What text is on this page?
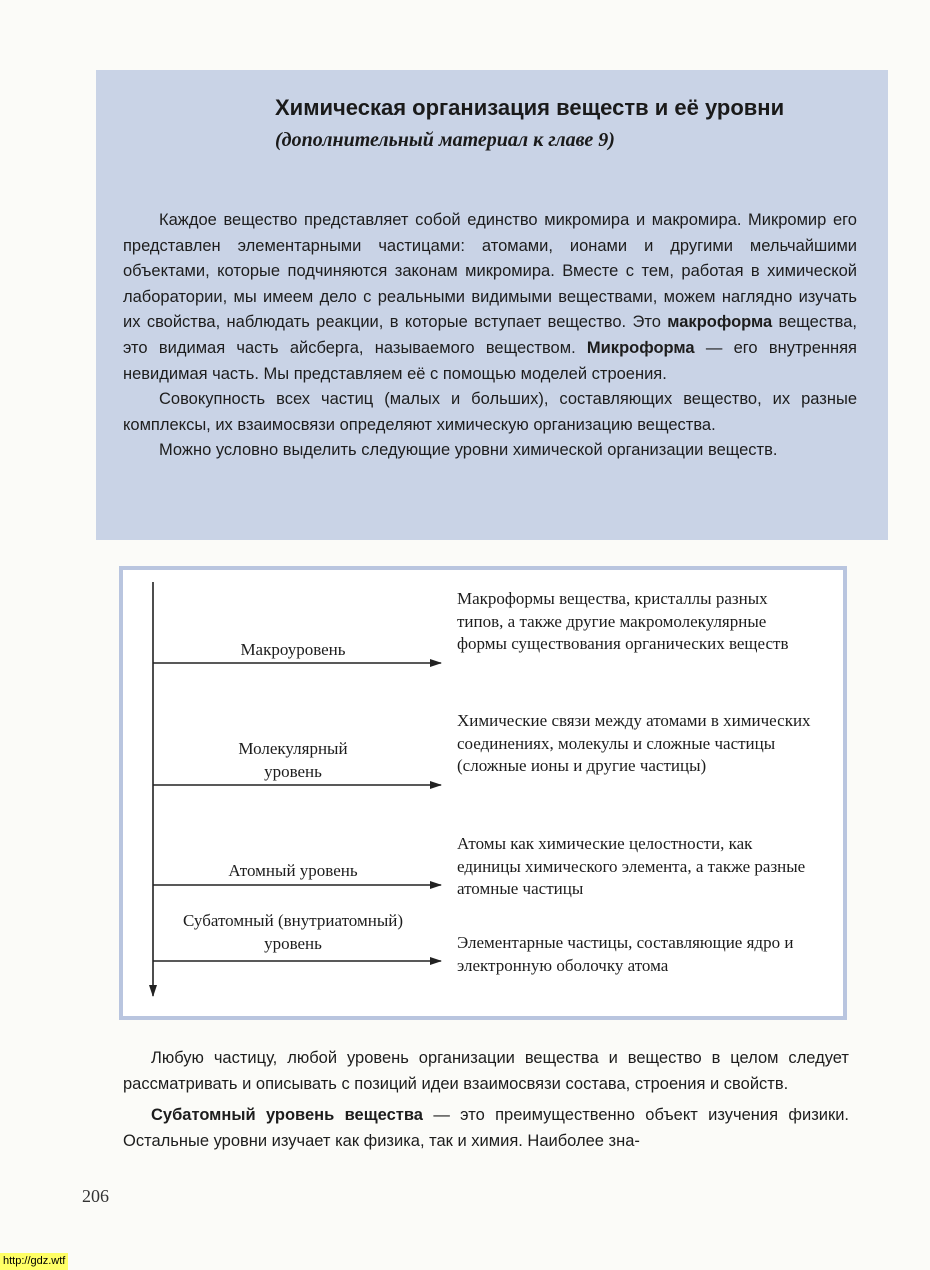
Химическая организация веществ и её уровни

(дополнительный материал к главе 9)

Каждое вещество представляет собой единство микромира и макромира. Микромир его представлен элементарными частицами: атомами, ионами и другими мельчайшими объектами, которые подчиняются законам микромира. Вместе с тем, работая в химической лаборатории, мы имеем дело с реальными видимыми веществами, можем наглядно изучать их свойства, наблюдать реакции, в которые вступает вещество. Это макроформа вещества, это видимая часть айсберга, называемого веществом. Микроформа — его внутренняя невидимая часть. Мы представляем её с помощью моделей строения.

Совокупность всех частиц (малых и больших), составляющих вещество, их разные комплексы, их взаимосвязи определяют химическую организацию вещества.

Можно условно выделить следующие уровни химической организации веществ.

Макроуровень
Молекулярный уровень
Атомный уровень
Субатомный (внутриатомный) уровень
Макроформы вещества, кристаллы разных типов, а также другие макромолекулярные формы существования органических веществ
Химические связи между атомами в химических соединениях, молекулы и сложные частицы (сложные ионы и другие частицы)
Атомы как химические целостности, как единицы химического элемента, а также разные атомные частицы
Элементарные частицы, составляющие ядро и электронную оболочку атома

Любую частицу, любой уровень организации вещества и вещество в целом следует рассматривать и описывать с позиций идеи взаимосвязи состава, строения и свойств.

Субатомный уровень вещества — это преимущественно объект изучения физики. Остальные уровни изучает как физика, так и химия. Наиболее зна-

206
http://gdz.wtf
